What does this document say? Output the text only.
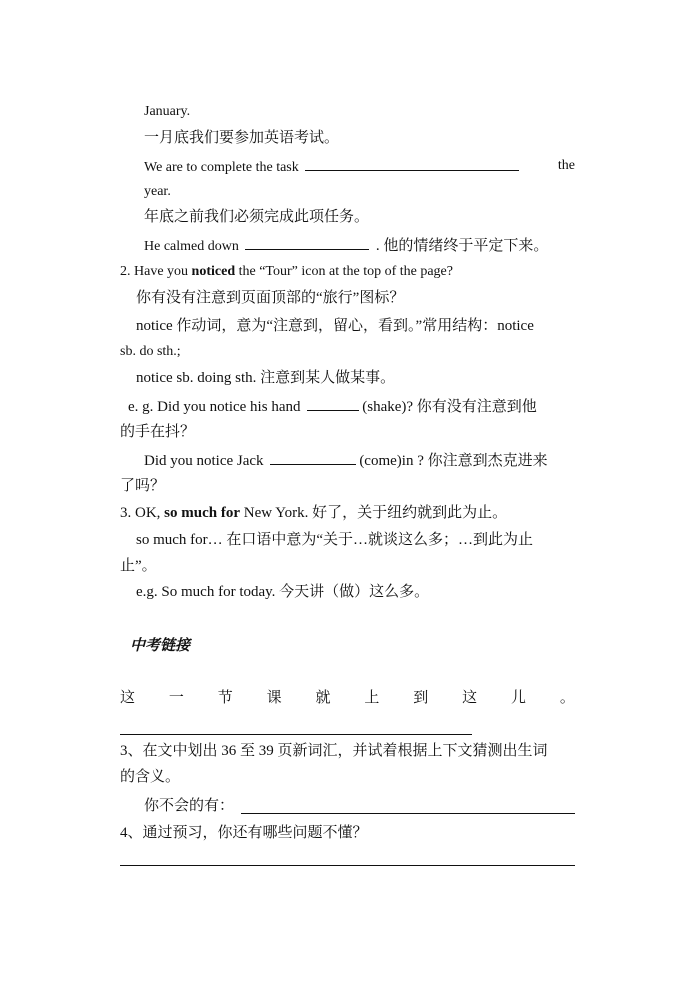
January.
一月底我们要参加英语考试。
We are to complete the task	the
year.
年底之前我们必须完成此项任务。
He calmed down	. 他的情绪终于平定下来。
2. Have you noticed the “Tour” icon at the top of the page?
你有没有注意到页面顶部的“旅行”图标？
notice 作动词，意为“注意到，留心，看到。”常用结构：notice
sb. do sth.;
notice sb. doing sth. 注意到某人做某事。
e. g. Did you notice his hand	(shake)? 你有没有注意到他
的手在抖？
Did you notice Jack	(come)in ? 你注意到杰克进来
了吗？
3. OK, so much for New York. 好了，关于纽约就到此为止。
so much for… 在口语中意为“关于…就谈这么多；…到此为止
止”。
e.g. So much for today. 今天讲（做）这么多。
中考链接
这 一 节 课 就 上 到 这 儿 。
3、在文中划出 36 至 39 页新词汇，并试着根据上下文猜测出生词
的含义。
你不会的有：
4、通过预习，你还有哪些问题不懂？
